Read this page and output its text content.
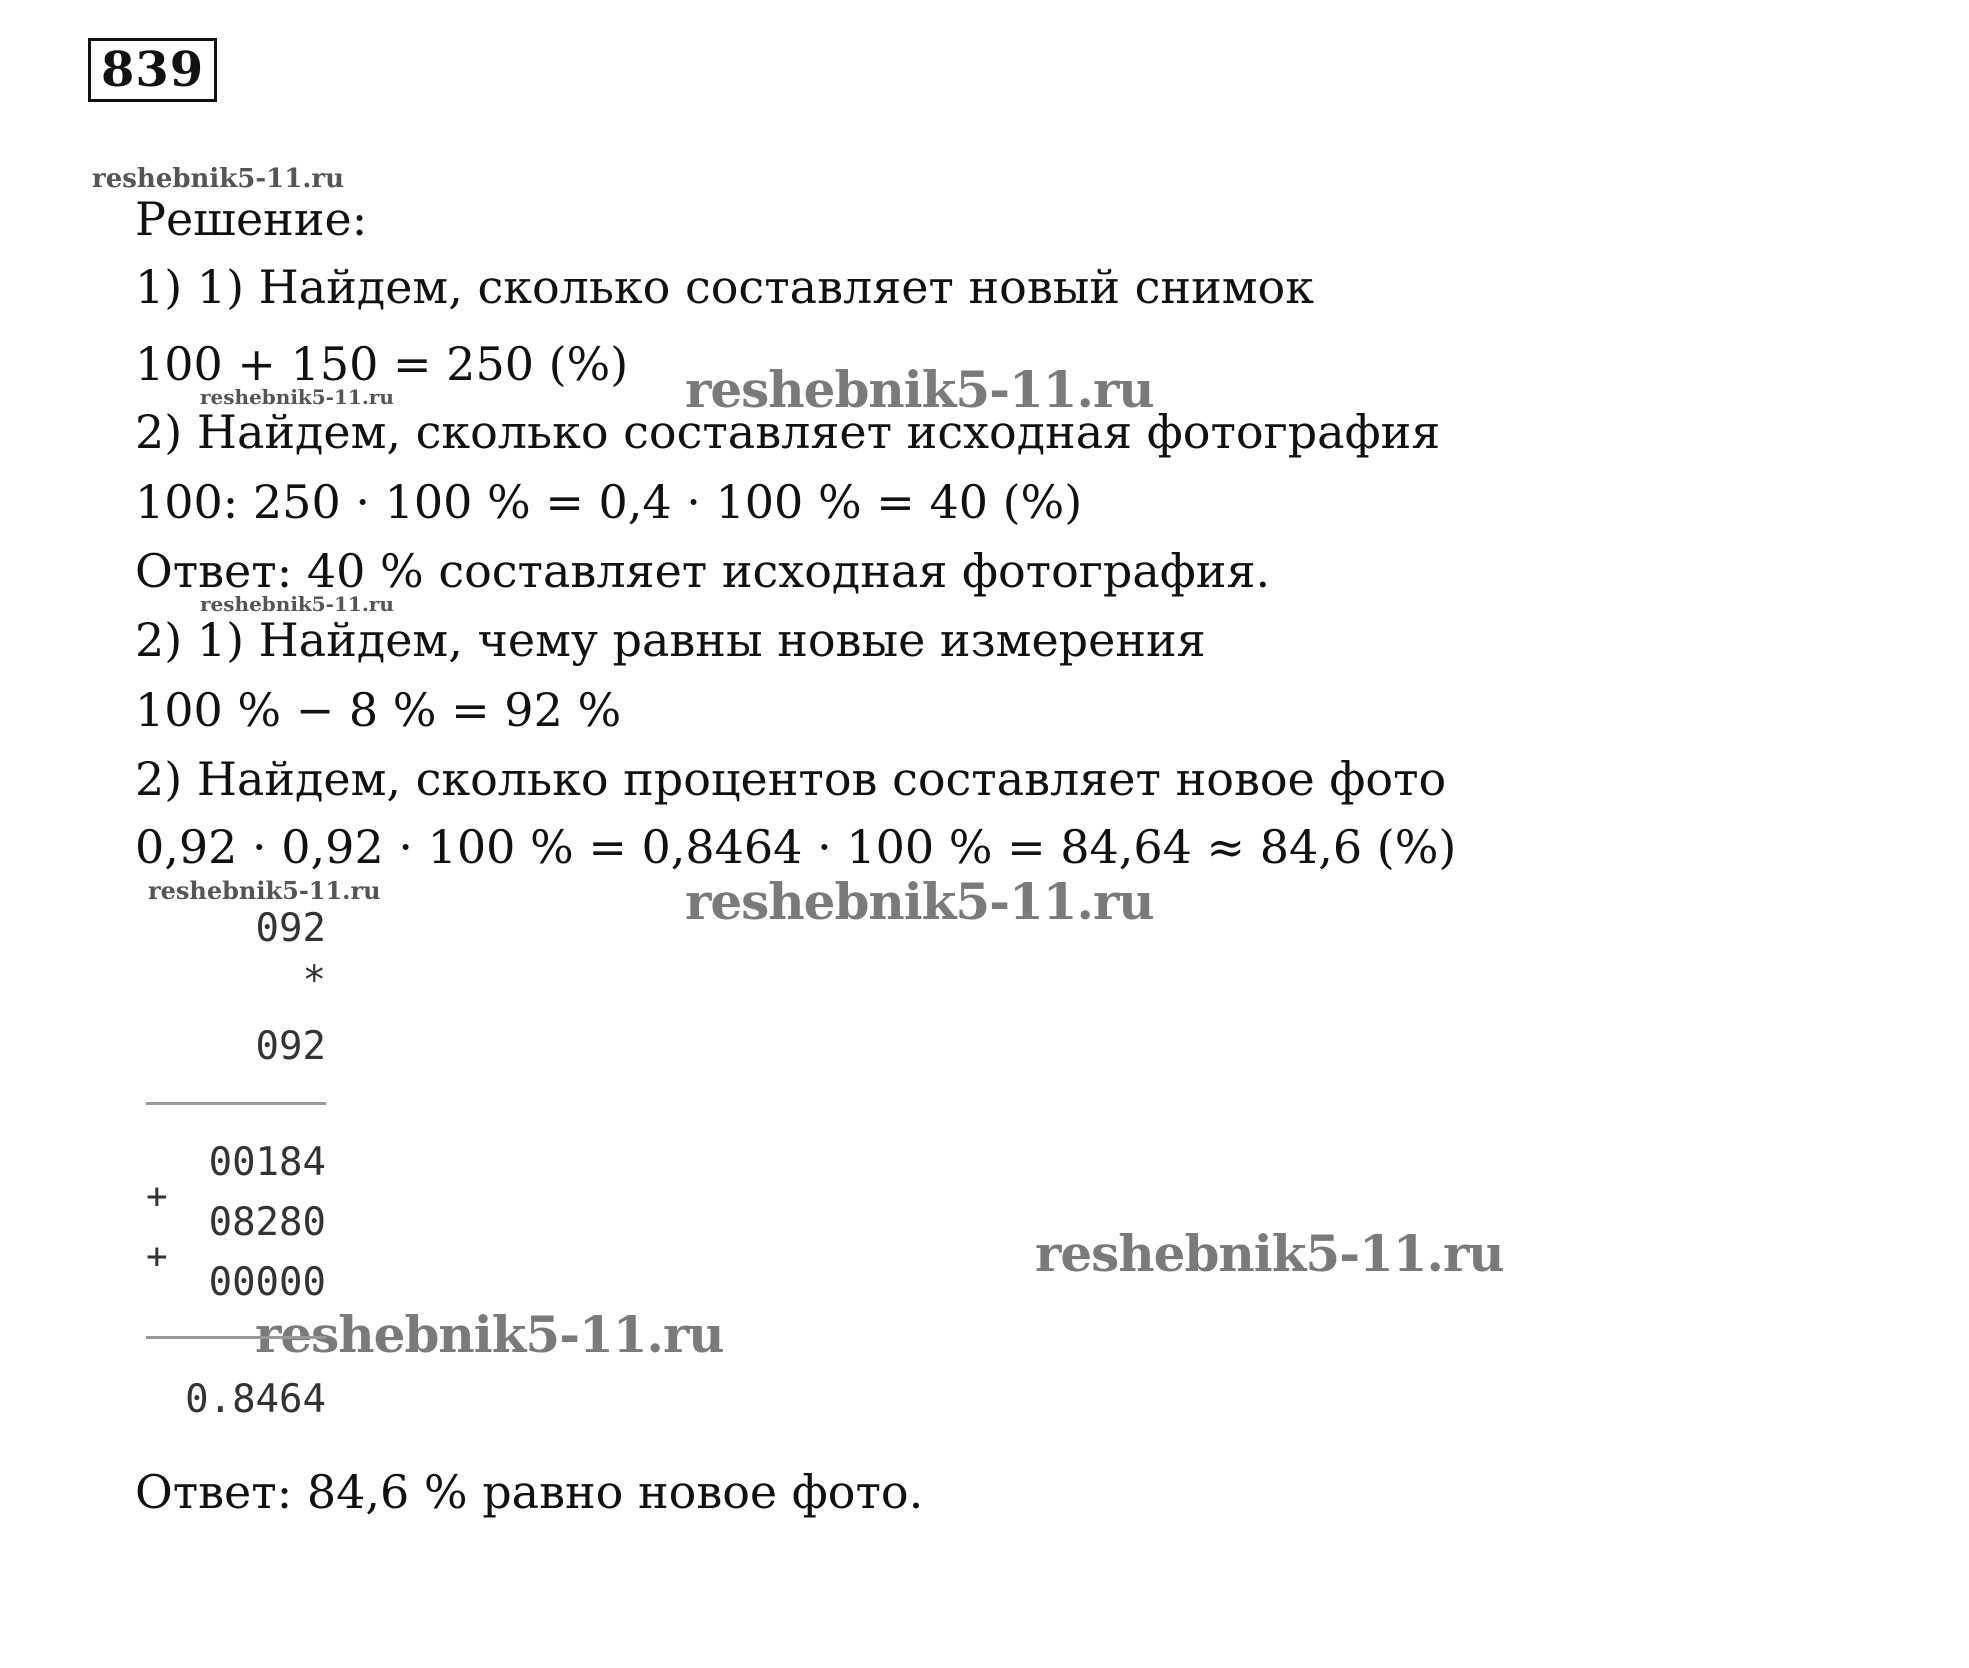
839
reshebnik5-11.ru
reshebnik5-11.ru
reshebnik5-11.ru
reshebnik5-11.ru
Решение:
1) 1) Найдем, сколько составляет новый снимок
100 + 150 = 250 (%)
2) Найдем, сколько составляет исходная фотография
100: 250 · 100 % = 0,4 · 100 % = 40 (%)
Ответ: 40 % составляет исходная фотография.
2) 1) Найдем, чему равны новые измерения
100 % − 8 % = 92 %
2) Найдем, сколько процентов составляет новое фото
0,92 · 0,92 · 100 % = 0,8464 · 100 % = 84,64 ≈ 84,6 (%)
reshebnik5-11.ru
reshebnik5-11.ru
reshebnik5-11.ru
reshebnik5-11.ru
092
*
092
00184
+
08280
+
00000
0.8464
Ответ: 84,6 % равно новое фото.
